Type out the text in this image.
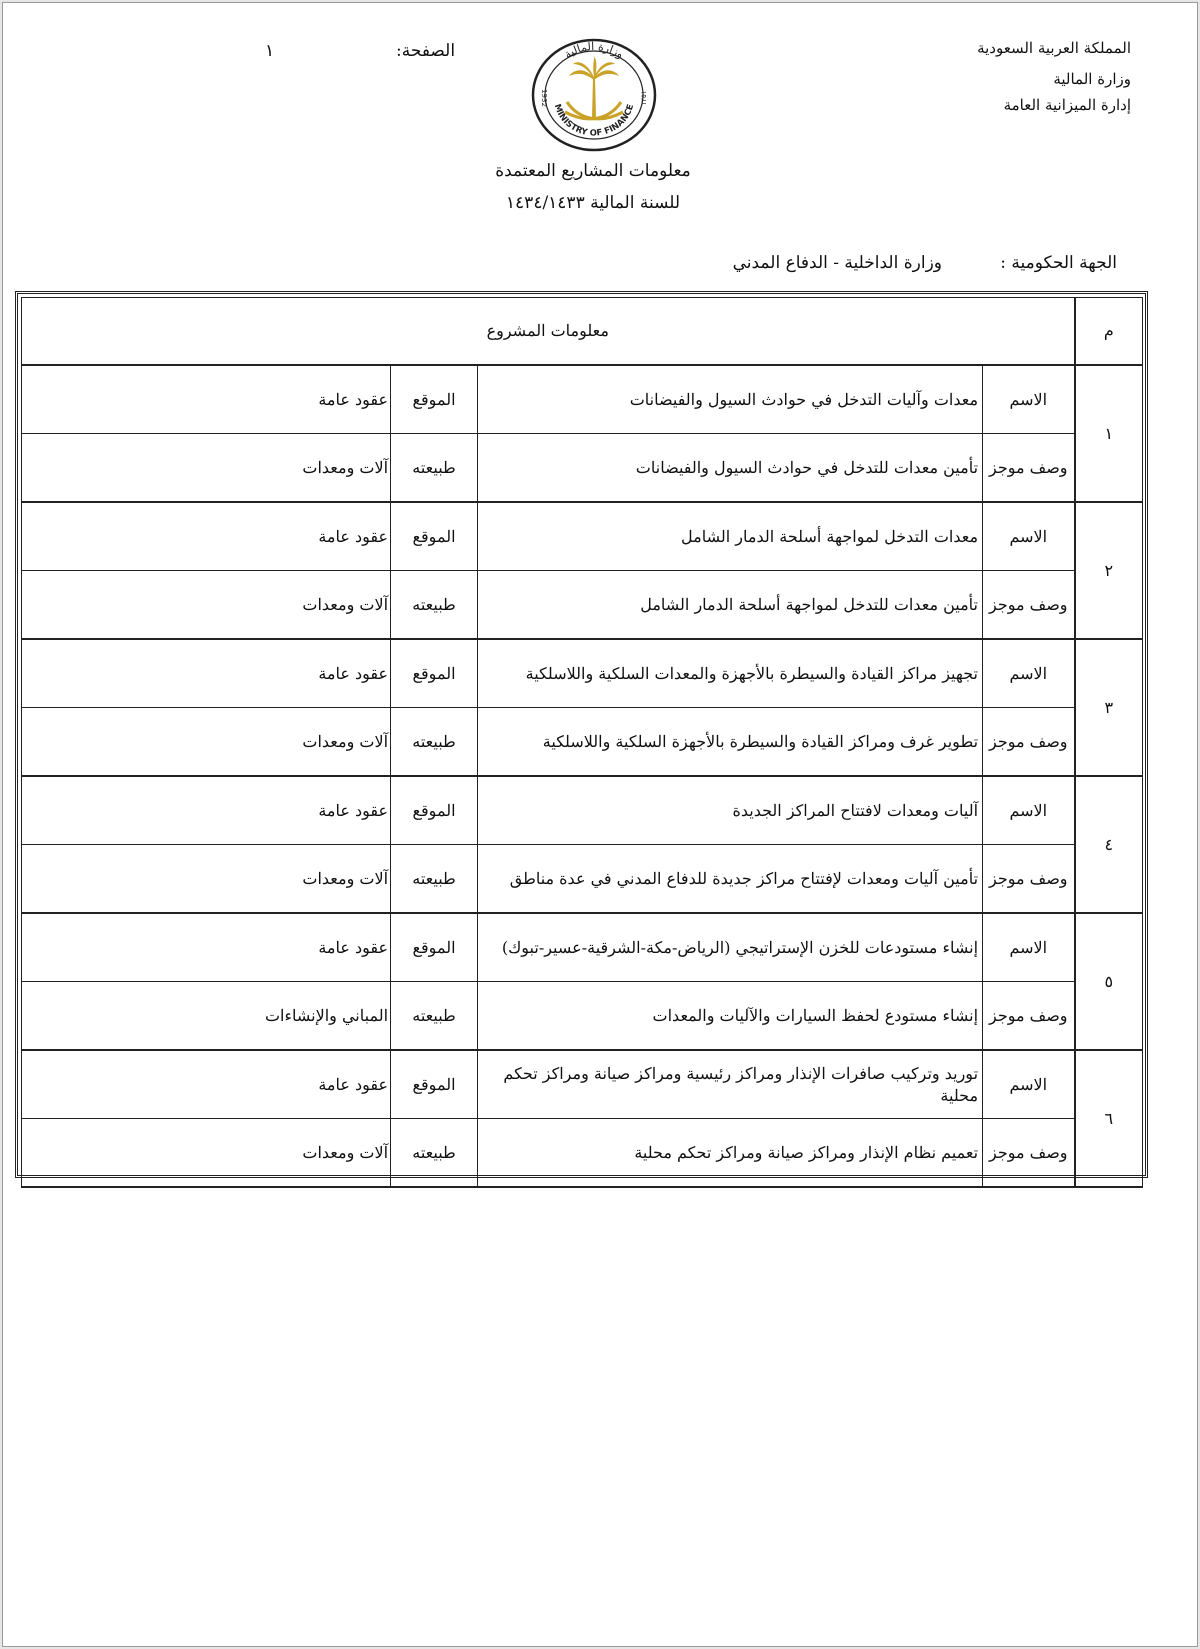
المملكة العربية السعودية
وزارة المالية
إدارة الميزانية العامة
الصفحة:
١	وزارة المالية
MINISTRY OF FINANCE
1932	١٣٥١
معلومات المشاريع المعتمدة
للسنة المالية ١٤٣٤/١٤٣٣
الجهة الحكومية :
وزارة الداخلية - الدفاع المدني
م	معلومات المشروع			
١	الاسم	معدات وآليات التدخل في حوادث السيول والفيضانات	الموقع	عقود عامة
	وصف موجز	تأمين معدات للتدخل في حوادث السيول والفيضانات	طبيعته	آلات ومعدات
٢	الاسم	معدات التدخل لمواجهة أسلحة الدمار الشامل	الموقع	عقود عامة
	وصف موجز	تأمين معدات للتدخل لمواجهة أسلحة الدمار الشامل	طبيعته	آلات ومعدات
٣	الاسم	تجهيز مراكز القيادة والسيطرة بالأجهزة والمعدات السلكية واللاسلكية	الموقع	عقود عامة
	وصف موجز	تطوير غرف ومراكز القيادة والسيطرة بالأجهزة السلكية واللاسلكية	طبيعته	آلات ومعدات
٤	الاسم	آليات ومعدات لافتتاح المراكز الجديدة	الموقع	عقود عامة
	وصف موجز	تأمين آليات ومعدات لإفتتاح مراكز جديدة للدفاع المدني في عدة مناطق	طبيعته	آلات ومعدات
٥	الاسم	إنشاء مستودعات للخزن الإستراتيجي (الرياض-مكة-الشرقية-عسير-تبوك)	الموقع	عقود عامة
	وصف موجز	إنشاء مستودع لحفظ السيارات والآليات والمعدات	طبيعته	المباني والإنشاءات
٦	الاسم	توريد وتركيب صافرات الإنذار ومراكز رئيسية ومراكز صيانة ومراكز تحكم محلية	الموقع	عقود عامة
	وصف موجز	تعميم نظام الإنذار ومراكز صيانة ومراكز تحكم محلية	طبيعته	آلات ومعدات
